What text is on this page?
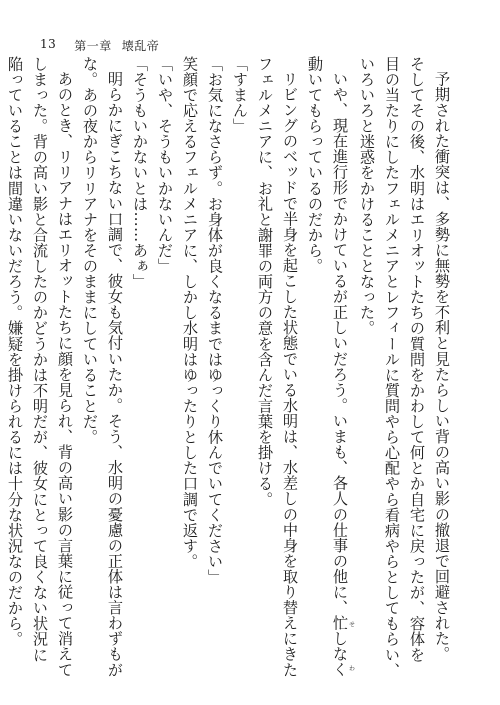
13 第一章 壊乱帝
予期された衝突は、多勢に無勢を不利と見たらしい背の高い影の撤退で回避された。
そしてその後、水明はエリオットたちの質問をかわして何とか自宅に戻ったが、容体を
目の当たりにしたフェルメニアとレフィールに質問やら心配やら看病やらとしてもらい、
いろいろと迷惑をかけることとなった。
いや、現在進行形でかけているが正しいだろう。いまも、各人の仕事の他に、忙しなくせわ
動いてもらっているのだから。
リビングのベッドで半身を起こした状態でいる水明は、水差しの中身を取り替えにきた
フェルメニアに、お礼と謝罪の両方の意を含んだ言葉を掛ける。
「すまん」
「お気になさらず。お身体が良くなるまではゆっくり休んでいてください」
笑顔で応えるフェルメニアに、しかし水明はゆったりとした口調で返す。
「いや、そうもいかないんだ」
「そうもいかないとは……あぁ」
明らかにぎこちない口調で、彼女も気付いたか。そう、水明の憂慮の正体は言わずもが
な。あの夜からリリアナをそのままにしていることだ。
あのとき、リリアナはエリオットたちに顔を見られ、背の高い影の言葉に従って消えて
しまった。背の高い影と合流したのかどうかは不明だが、彼女にとって良くない状況に
陥っていることは間違いないだろう。嫌疑を掛けられるには十分な状況なのだから。
